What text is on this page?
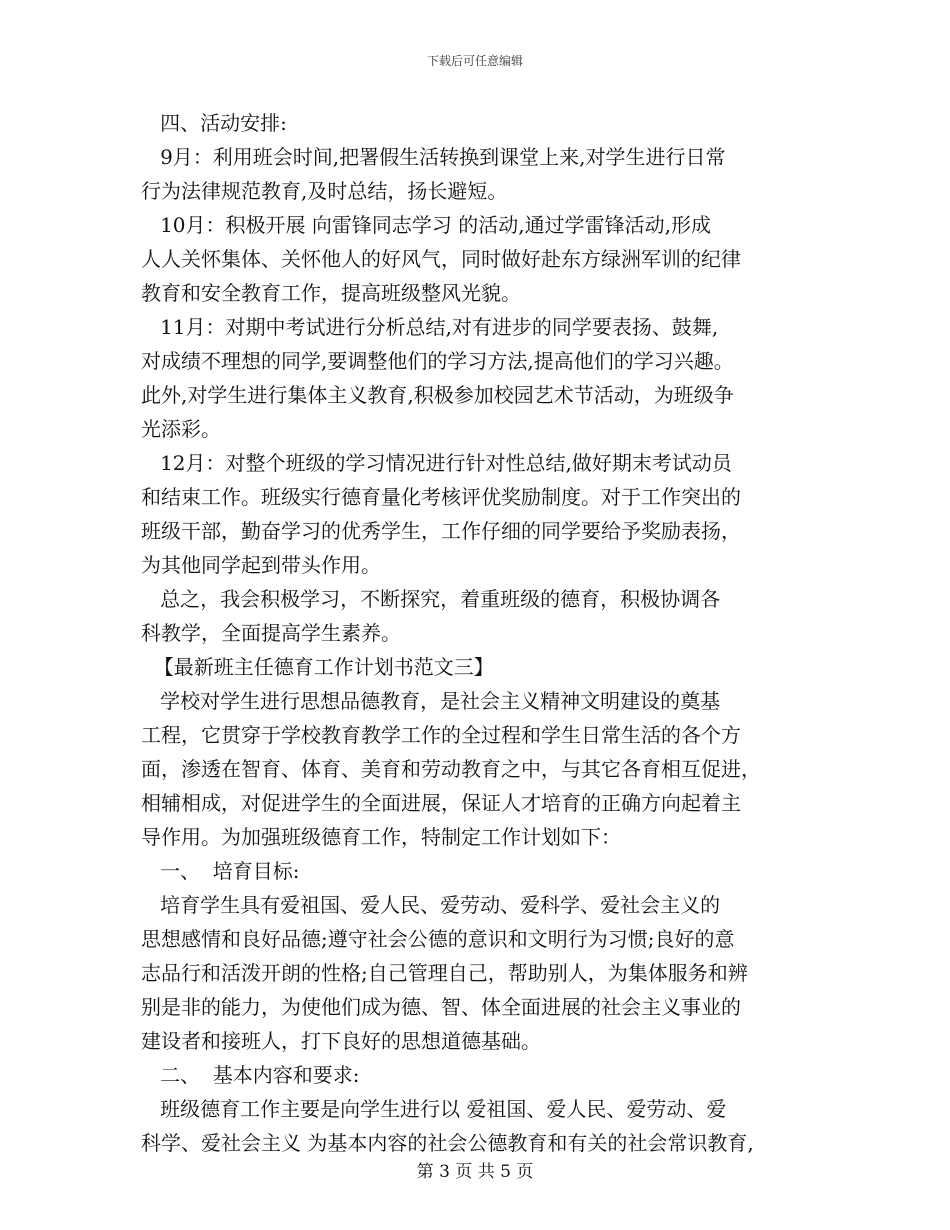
下载后可任意编辑
四、活动安排:
9月：利用班会时间,把署假生活转换到课堂上来,对学生进行日常
行为法律规范教育,及时总结，扬长避短。
10月：积极开展 向雷锋同志学习 的活动,通过学雷锋活动,形成
人人关怀集体、关怀他人的好风气，同时做好赴东方绿洲军训的纪律
教育和安全教育工作，提高班级整风光貌。
11月：对期中考试进行分析总结,对有进步的同学要表扬、鼓舞,
对成绩不理想的同学,要调整他们的学习方法,提高他们的学习兴趣。
此外,对学生进行集体主义教育,积极参加校园艺术节活动，为班级争
光添彩。
12月：对整个班级的学习情况进行针对性总结,做好期末考试动员
和结束工作。班级实行德育量化考核评优奖励制度。对于工作突出的
班级干部，勤奋学习的优秀学生，工作仔细的同学要给予奖励表扬，
为其他同学起到带头作用。
总之，我会积极学习，不断探究，着重班级的德育，积极协调各
科教学，全面提高学生素养。
【最新班主任德育工作计划书范文三】
学校对学生进行思想品德教育，是社会主义精神文明建设的奠基
工程，它贯穿于学校教育教学工作的全过程和学生日常生活的各个方
面，渗透在智育、体育、美育和劳动教育之中，与其它各育相互促进，
相辅相成，对促进学生的全面进展，保证人才培育的正确方向起着主
导作用。为加强班级德育工作，特制定工作计划如下：
一、  培育目标:
培育学生具有爱祖国、爱人民、爱劳动、爱科学、爱社会主义的
思想感情和良好品德;遵守社会公德的意识和文明行为习惯;良好的意
志品行和活泼开朗的性格;自己管理自己，帮助别人，为集体服务和辨
别是非的能力，为使他们成为德、智、体全面进展的社会主义事业的
建设者和接班人，打下良好的思想道德基础。
二、  基本内容和要求:
班级德育工作主要是向学生进行以 爱祖国、爱人民、爱劳动、爱
科学、爱社会主义 为基本内容的社会公德教育和有关的社会常识教育,
第 3 页 共 5 页
